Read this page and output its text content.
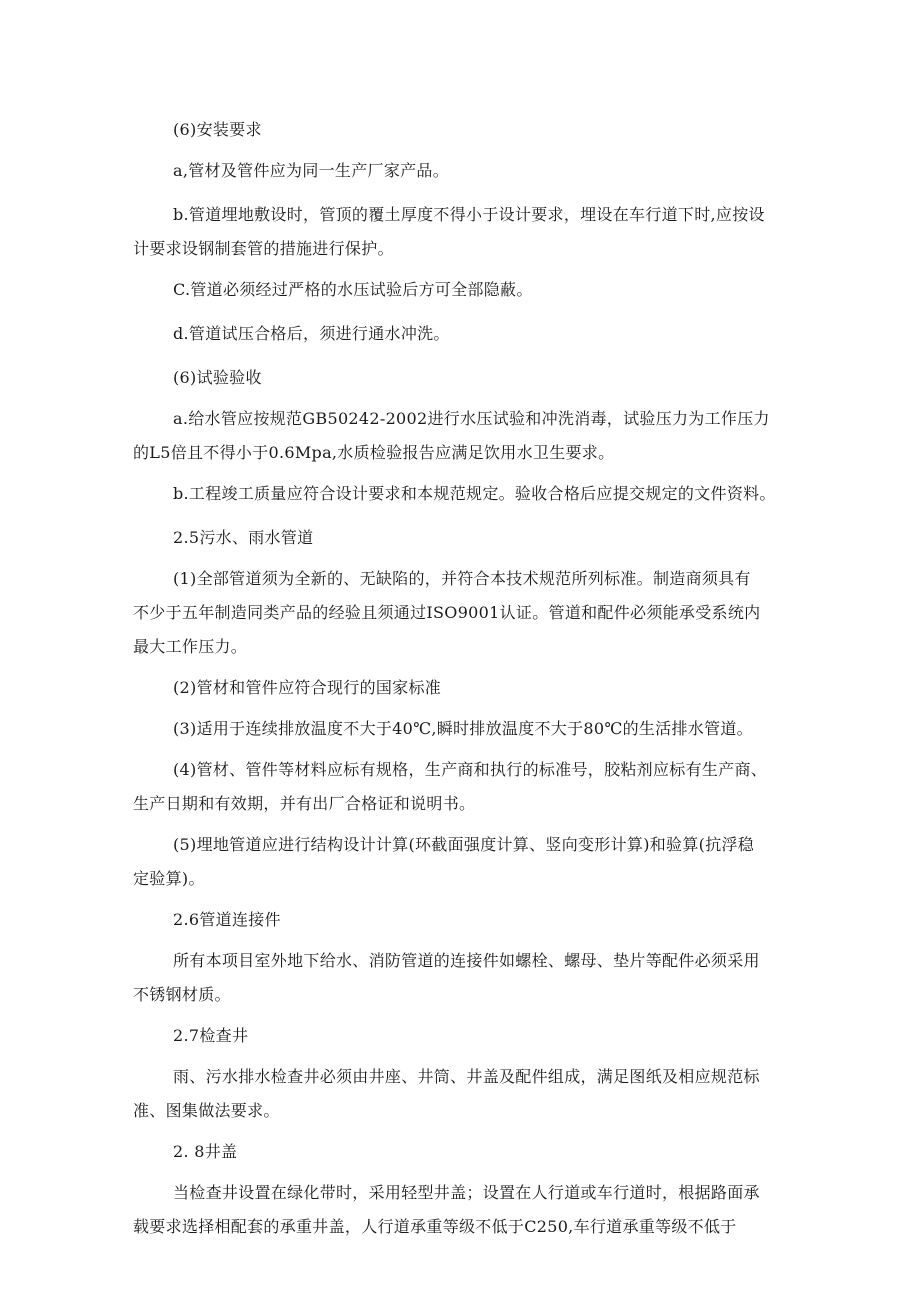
(6)安装要求
a,管材及管件应为同一生产厂家产品。
b.管道埋地敷设时，管顶的覆土厚度不得小于设计要求，埋设在车行道下时,应按设
计要求设钢制套管的措施进行保护。
C.管道必须经过严格的水压试验后方可全部隐蔽。
d.管道试压合格后，须进行通水冲洗。
(6)试验验收
a.给水管应按规范GB50242-2002进行水压试验和冲洗消毒，试验压力为工作压力
的L5倍且不得小于0.6Mpa,水质检验报告应满足饮用水卫生要求。
b.工程竣工质量应符合设计要求和本规范规定。验收合格后应提交规定的文件资料。
2.5污水、雨水管道
(1)全部管道须为全新的、无缺陷的，并符合本技术规范所列标准。制造商须具有
不少于五年制造同类产品的经验且须通过ISO9001认证。管道和配件必须能承受系统内
最大工作压力。
(2)管材和管件应符合现行的国家标准
(3)适用于连续排放温度不大于40℃,瞬时排放温度不大于80℃的生活排水管道。
(4)管材、管件等材料应标有规格，生产商和执行的标准号，胶粘剂应标有生产商、
生产日期和有效期，并有出厂合格证和说明书。
(5)埋地管道应进行结构设计计算(环截面强度计算、竖向变形计算)和验算(抗浮稳
定验算)。
2.6管道连接件
所有本项目室外地下给水、消防管道的连接件如螺栓、螺母、垫片等配件必须采用
不锈钢材质。
2.7检查井
雨、污水排水检查井必须由井座、井筒、井盖及配件组成，满足图纸及相应规范标
准、图集做法要求。
2. 8井盖
当检查井设置在绿化带时，采用轻型井盖；设置在人行道或车行道时，根据路面承
载要求选择相配套的承重井盖，人行道承重等级不低于C250,车行道承重等级不低于
